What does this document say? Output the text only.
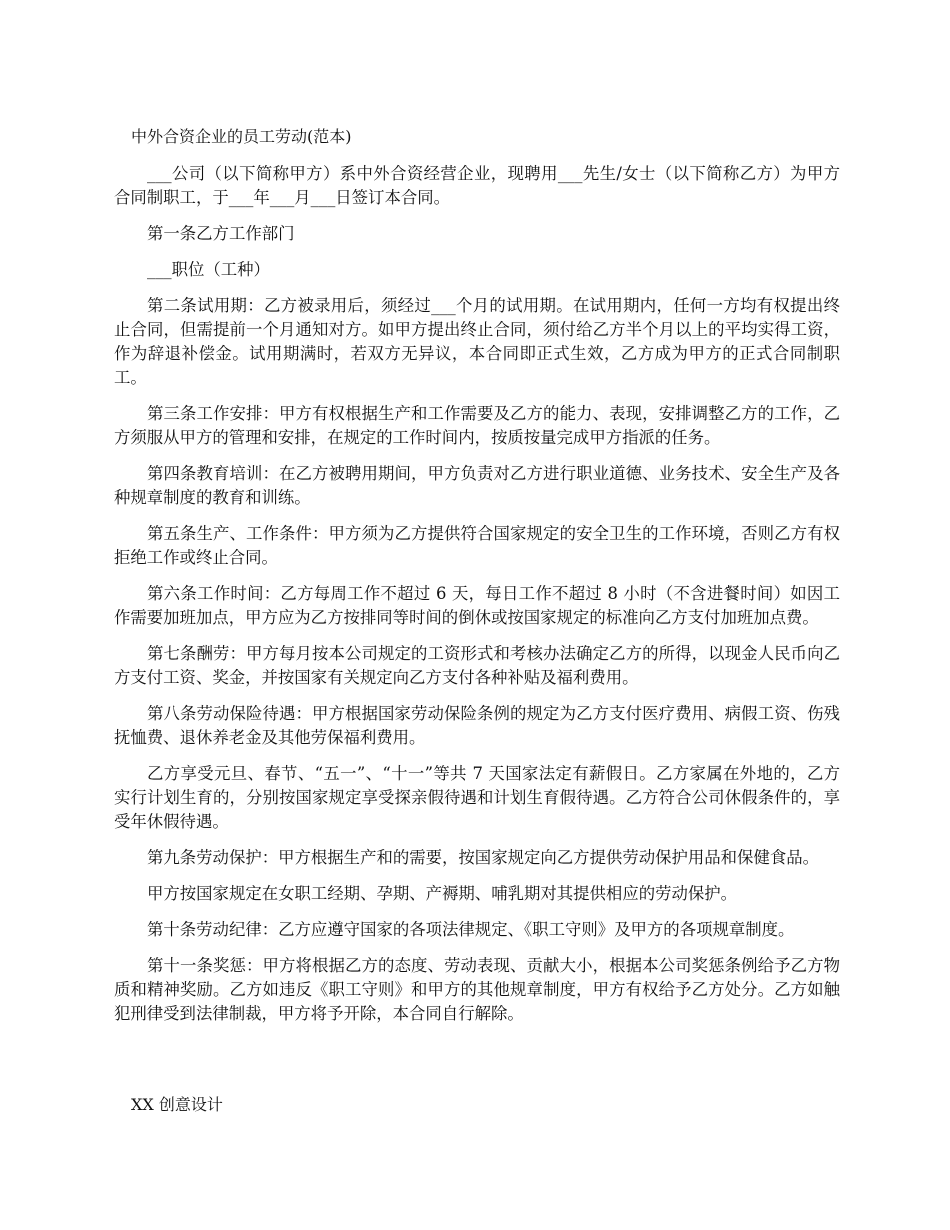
中外合资企业的员工劳动(范本)

___公司（以下简称甲方）系中外合资经营企业，现聘用___先生/女士（以下简称乙方）为甲方合同制职工，于___年___月___日签订本合同。

第一条乙方工作部门

___职位（工种）

第二条试用期：乙方被录用后，须经过___个月的试用期。在试用期内，任何一方均有权提出终止合同，但需提前一个月通知对方。如甲方提出终止合同，须付给乙方半个月以上的平均实得工资，作为辞退补偿金。试用期满时，若双方无异议，本合同即正式生效，乙方成为甲方的正式合同制职工。

第三条工作安排：甲方有权根据生产和工作需要及乙方的能力、表现，安排调整乙方的工作，乙方须服从甲方的管理和安排，在规定的工作时间内，按质按量完成甲方指派的任务。

第四条教育培训：在乙方被聘用期间，甲方负责对乙方进行职业道德、业务技术、安全生产及各种规章制度的教育和训练。

第五条生产、工作条件：甲方须为乙方提供符合国家规定的安全卫生的工作环境，否则乙方有权拒绝工作或终止合同。

第六条工作时间：乙方每周工作不超过 6 天，每日工作不超过 8 小时（不含进餐时间）如因工作需要加班加点，甲方应为乙方按排同等时间的倒休或按国家规定的标准向乙方支付加班加点费。

第七条酬劳：甲方每月按本公司规定的工资形式和考核办法确定乙方的所得，以现金人民币向乙方支付工资、奖金，并按国家有关规定向乙方支付各种补贴及福利费用。

第八条劳动保险待遇：甲方根据国家劳动保险条例的规定为乙方支付医疗费用、病假工资、伤残抚恤费、退休养老金及其他劳保福利费用。

乙方享受元旦、春节、“五一”、“十一”等共 7 天国家法定有薪假日。乙方家属在外地的，乙方实行计划生育的，分别按国家规定享受探亲假待遇和计划生育假待遇。乙方符合公司休假条件的，享受年休假待遇。

第九条劳动保护：甲方根据生产和的需要，按国家规定向乙方提供劳动保护用品和保健食品。

甲方按国家规定在女职工经期、孕期、产褥期、哺乳期对其提供相应的劳动保护。

第十条劳动纪律：乙方应遵守国家的各项法律规定、《职工守则》及甲方的各项规章制度。

第十一条奖惩：甲方将根据乙方的态度、劳动表现、贡献大小，根据本公司奖惩条例给予乙方物质和精神奖励。乙方如违反《职工守则》和甲方的其他规章制度，甲方有权给予乙方处分。乙方如触犯刑律受到法律制裁，甲方将予开除，本合同自行解除。

XX 创意设计
